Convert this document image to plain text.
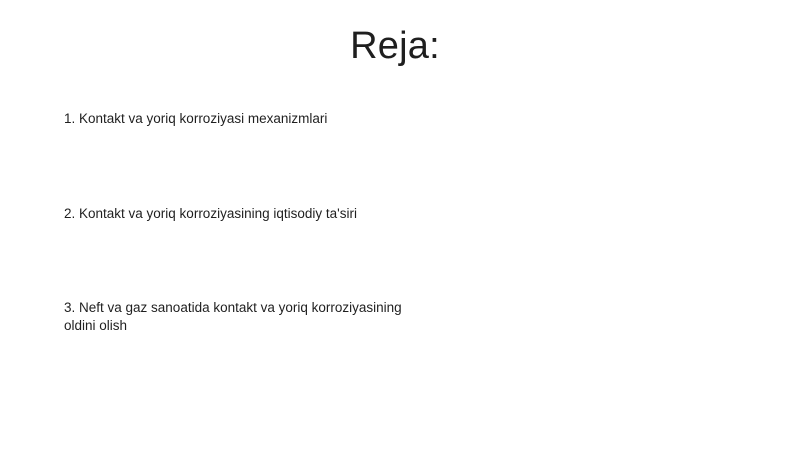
Reja:
1. Kontakt va yoriq korroziyasi mexanizmlari
2. Kontakt va yoriq korroziyasining iqtisodiy ta'siri
3. Neft va gaz sanoatida kontakt va yoriq korroziyasining oldini olish
